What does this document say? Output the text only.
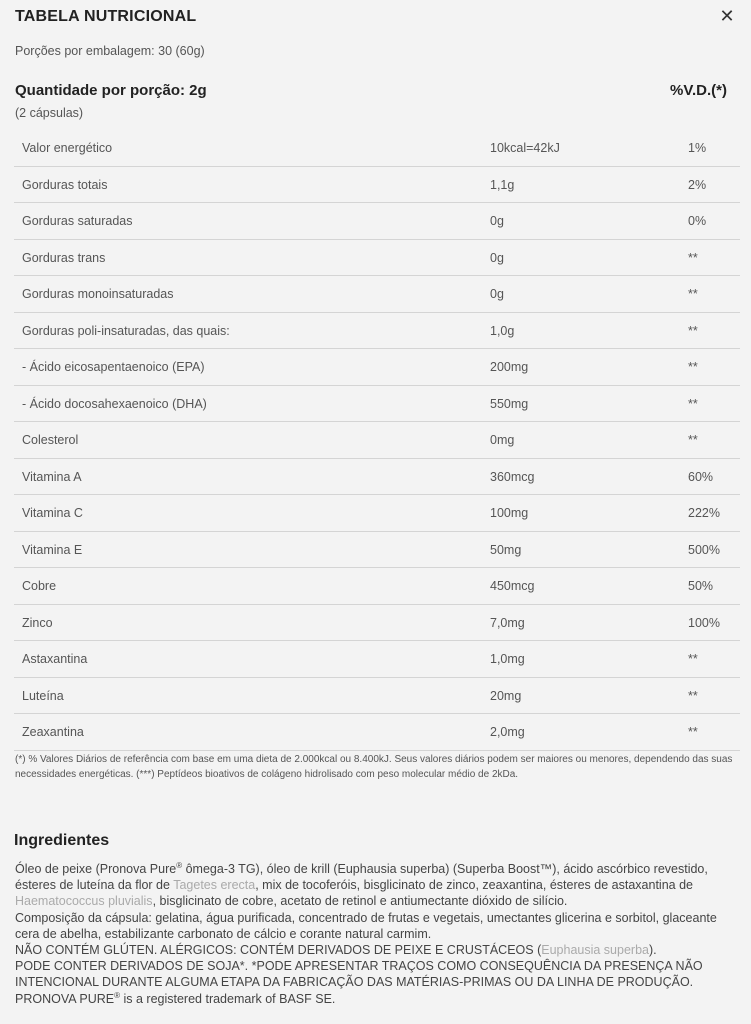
TABELA NUTRICIONAL	✕
Porções por embalagem: 30 (60g)
Quantidade por porção: 2g	%V.D.(*)
(2 cápsulas)
Valor energético	10kcal=42kJ	1%
Gorduras totais	1,1g	2%
Gorduras saturadas	0g	0%
Gorduras trans	0g	**
Gorduras monoinsaturadas	0g	**
Gorduras poli-insaturadas, das quais:	1,0g	**
- Ácido eicosapentaenoico (EPA)	200mg	**
- Ácido docosahexaenoico (DHA)	550mg	**
Colesterol	0mg	**
Vitamina A	360mcg	60%
Vitamina C	100mg	222%
Vitamina E	50mg	500%
Cobre	450mcg	50%
Zinco	7,0mg	100%
Astaxantina	1,0mg	**
Luteína	20mg	**
Zeaxantina	2,0mg	**
(*) % Valores Diários de referência com base em uma dieta de 2.000kcal ou 8.400kJ. Seus valores diários podem ser maiores ou menores, dependendo das suas necessidades energéticas. (***) Peptídeos bioativos de colágeno hidrolisado com peso molecular médio de 2kDa.
Ingredientes

Óleo de peixe (Pronova Pure® ômega-3 TG), óleo de krill (Euphausia superba) (Superba Boost™), ácido ascórbico revestido, ésteres de luteína da flor de Tagetes erecta, mix de tocoferóis, bisglicinato de zinco, zeaxantina, ésteres de astaxantina de Haematococcus pluvialis, bisglicinato de cobre, acetato de retinol e antiumectante dióxido de silício.

Composição da cápsula: gelatina, água purificada, concentrado de frutas e vegetais, umectantes glicerina e sorbitol, glaceante cera de abelha, estabilizante carbonato de cálcio e corante natural carmim.

NÃO CONTÉM GLÚTEN. ALÉRGICOS: CONTÉM DERIVADOS DE PEIXE E CRUSTÁCEOS (Euphausia superba).

PODE CONTER DERIVADOS DE SOJA*. *PODE APRESENTAR TRAÇOS COMO CONSEQUÊNCIA DA PRESENÇA NÃO INTENCIONAL DURANTE ALGUMA ETAPA DA FABRICAÇÃO DAS MATÉRIAS-PRIMAS OU DA LINHA DE PRODUÇÃO.

PRONOVA PURE® is a registered trademark of BASF SE.
